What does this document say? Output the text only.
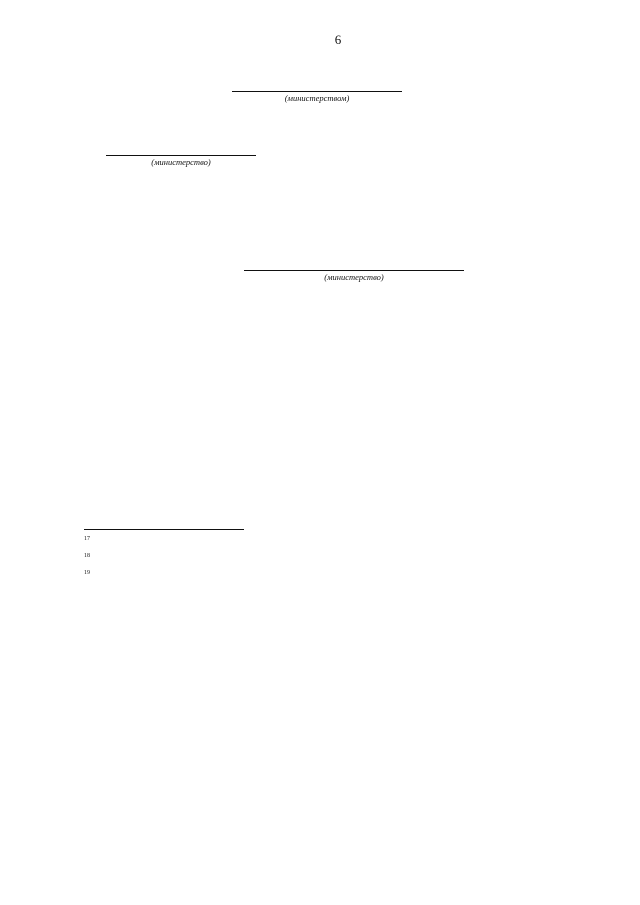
6
(министерством)
(министерство)
(министерство)
$^{17}$
$^{18}$
$^{19}$
